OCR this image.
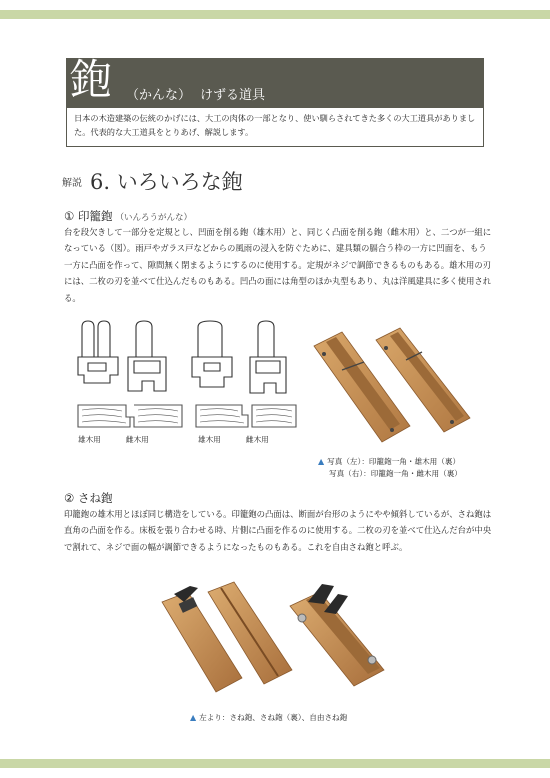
鉋 （かんな） けずる道具
日本の木造建築の伝統のかげには、大工の肉体の一部となり、使い馴らされてきた多くの大工道具がありました。代表的な大工道具をとりあげ、解説します。
解説 6. いろいろな鉋
① 印籠鉋 （いんろうがんな）
台を段欠きして一部分を定規とし、凹面を削る鉋（雄木用）と、同じく凸面を削る鉋（雌木用）と、二つが一組になっている（図）。雨戸やガラス戸などからの風雨の浸入を防ぐために、建具類の膈合う枠の一方に凹面を、もう一方に凸面を作って、隙間無く閉まるようにするのに使用する。定規がネジで調節できるものもある。雄木用の刃には、二枚の刃を並べて仕込んだものもある。凹凸の面には角型のほか丸型もあり、丸は洋風建具に多く使用される。
雄木用	雌木用	雄木用	雌木用
▲ 写真（左）：印籠鉋一角・雄木用（裏）
写真（右）：印籠鉋一角・雌木用（裏）
② さね鉋
印籠鉋の雄木用とほぼ同じ構造をしている。印籠鉋の凸面は、断面が台形のようにやや傾斜しているが、さね鉋は直角の凸面を作る。床板を張り合わせる時、片側に凸面を作るのに使用する。二枚の刃を並べて仕込んだ台が中央で割れて、ネジで面の幅が調節できるようになったものもある。これを自由さね鉋と呼ぶ。
▲ 左より：さね鉋、さね鉋（裏）、自由さね鉋
